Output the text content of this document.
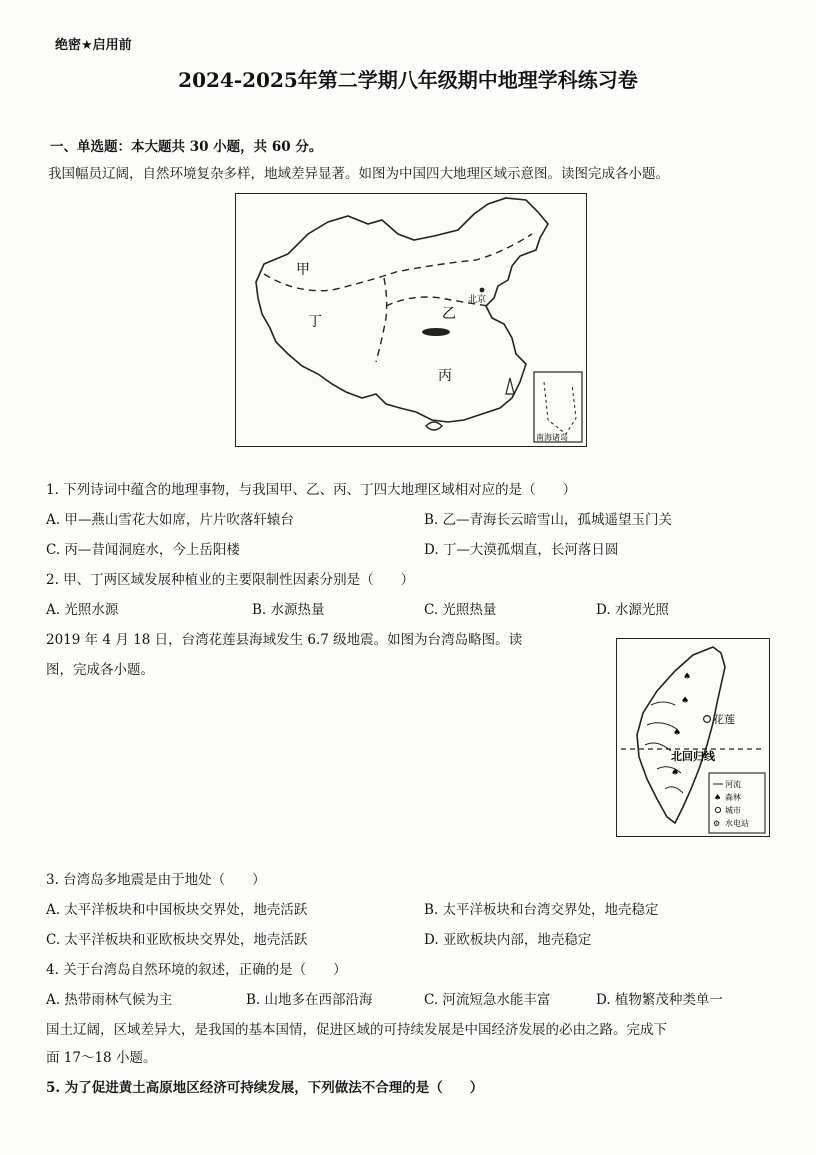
绝密★启用前
2024-2025年第二学期八年级期中地理学科练习卷
一、单选题：本大题共 30 小题，共 60 分。
我国幅员辽阔，自然环境复杂多样，地域差异显著。如图为中国四大地理区域示意图。读图完成各小题。
甲
乙
丙
丁
北京
南海诸岛
1. 下列诗词中蕴含的地理事物，与我国甲、乙、丙、丁四大地理区域相对应的是（　　）
A. 甲—燕山雪花大如席，片片吹落轩辕台	B. 乙—青海长云暗雪山，孤城遥望玉门关
C. 丙—昔闻洞庭水，今上岳阳楼	D. 丁—大漠孤烟直，长河落日圆
2. 甲、丁两区域发展种植业的主要限制性因素分别是（　　）
A. 光照水源	B. 水源热量	C. 光照热量	D. 水源光照
2019 年 4 月 18 日，台湾花莲县海域发生 6.7 级地震。如图为台湾岛略图。读
图，完成各小题。	♠
♠
♠
♠
花莲
北回归线
河流
♠ 森林
城市
⚙ 水电站
3. 台湾岛多地震是由于地处（　　）
A. 太平洋板块和中国板块交界处，地壳活跃	B. 太平洋板块和台湾交界处，地壳稳定
C. 太平洋板块和亚欧板块交界处，地壳活跃	D. 亚欧板块内部，地壳稳定
4. 关于台湾岛自然环境的叙述，正确的是（　　）
A. 热带雨林气候为主	B. 山地多在西部沿海	C. 河流短急水能丰富	D. 植物繁茂种类单一
国土辽阔，区域差异大，是我国的基本国情，促进区域的可持续发展是中国经济发展的必由之路。完成下
面 17～18 小题。
5. 为了促进黄土高原地区经济可持续发展，下列做法不合理的是（　　）
